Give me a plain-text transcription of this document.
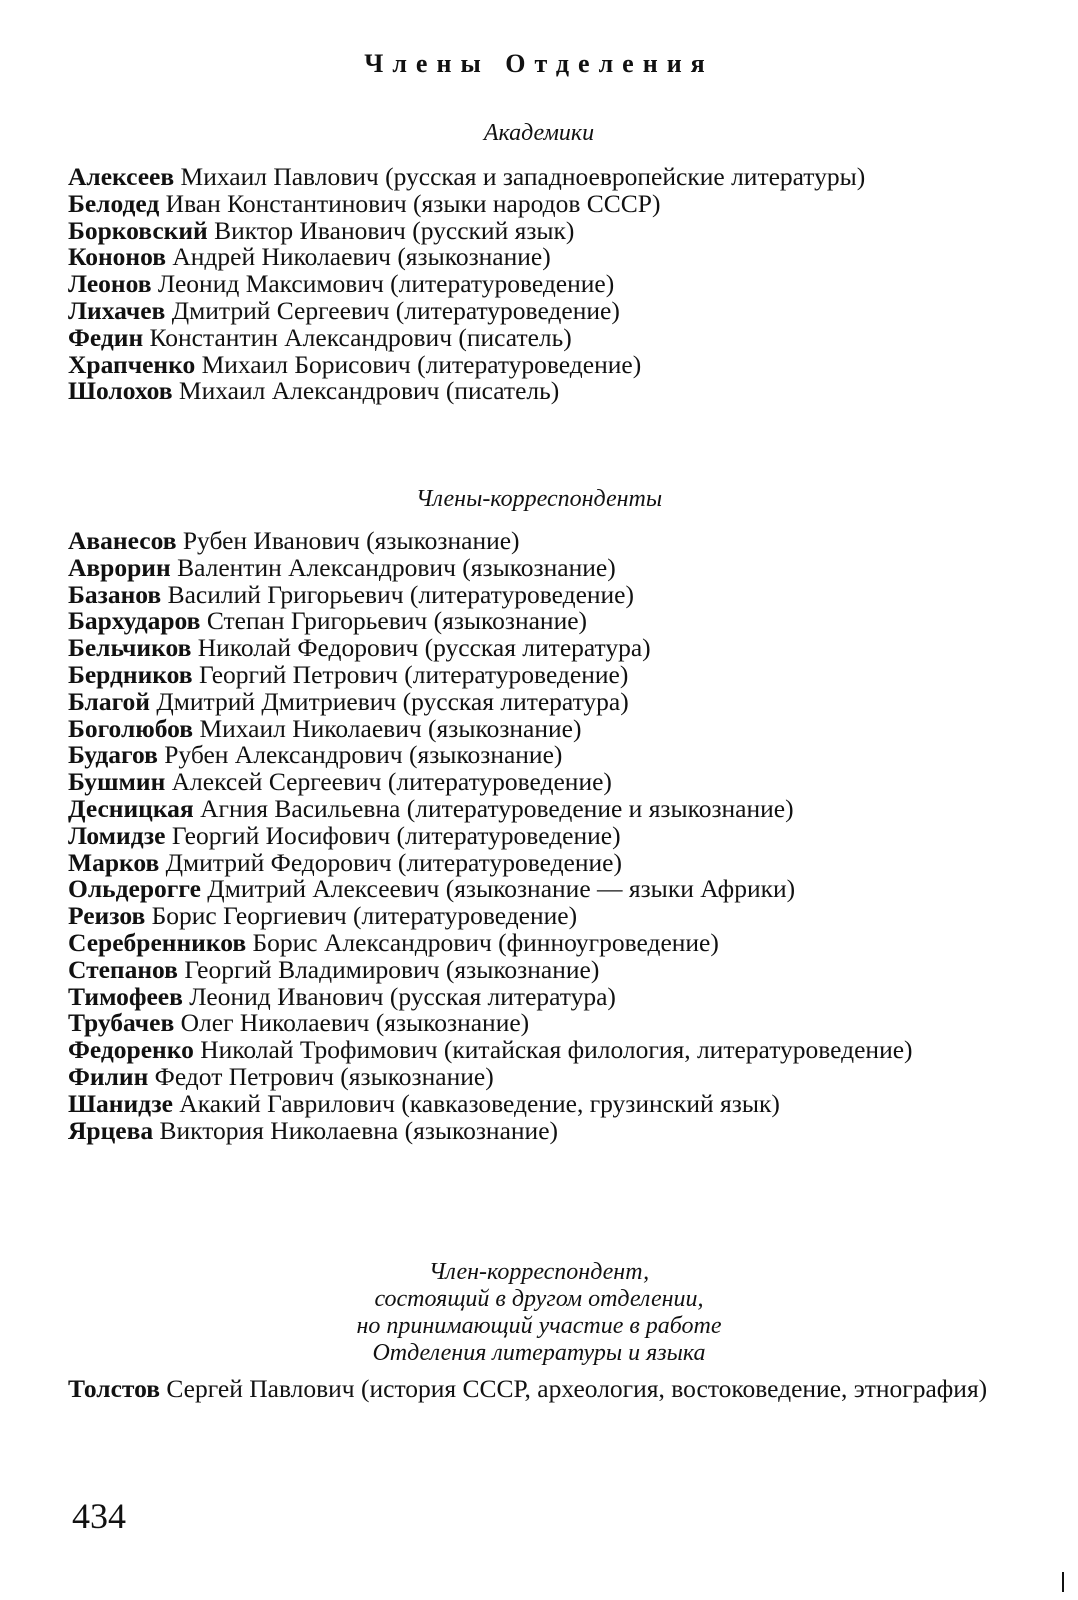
Члены Отделения
Академики
Алексеев Михаил Павлович (русская и западноевропейские литературы)
Белодед Иван Константинович (языки народов СССР)
Борковский Виктор Иванович (русский язык)
Кононов Андрей Николаевич (языкознание)
Леонов Леонид Максимович (литературоведение)
Лихачев Дмитрий Сергеевич (литературоведение)
Федин Константин Александрович (писатель)
Храпченко Михаил Борисович (литературоведение)
Шолохов Михаил Александрович (писатель)
Члены-корреспонденты
Аванесов Рубен Иванович (языкознание)
Аврорин Валентин Александрович (языкознание)
Базанов Василий Григорьевич (литературоведение)
Бархударов Степан Григорьевич (языкознание)
Бельчиков Николай Федорович (русская литература)
Бердников Георгий Петрович (литературоведение)
Благой Дмитрий Дмитриевич (русская литература)
Боголюбов Михаил Николаевич (языкознание)
Будагов Рубен Александрович (языкознание)
Бушмин Алексей Сергеевич (литературоведение)
Десницкая Агния Васильевна (литературоведение и языкознание)
Ломидзе Георгий Иосифович (литературоведение)
Марков Дмитрий Федорович (литературоведение)
Ольдерогге Дмитрий Алексеевич (языкознание — языки Африки)
Реизов Борис Георгиевич (литературоведение)
Серебренников Борис Александрович (финноугроведение)
Степанов Георгий Владимирович (языкознание)
Тимофеев Леонид Иванович (русская литература)
Трубачев Олег Николаевич (языкознание)
Федоренко Николай Трофимович (китайская филология, литературоведение)
Филин Федот Петрович (языкознание)
Шанидзе Акакий Гаврилович (кавказоведение, грузинский язык)
Ярцева Виктория Николаевна (языкознание)
Член-корреспондент,
состоящий в другом отделении,
но принимающий участие в работе
Отделения литературы и языка
Толстов Сергей Павлович (история СССР, археология, востоковедение, этнография)
434
